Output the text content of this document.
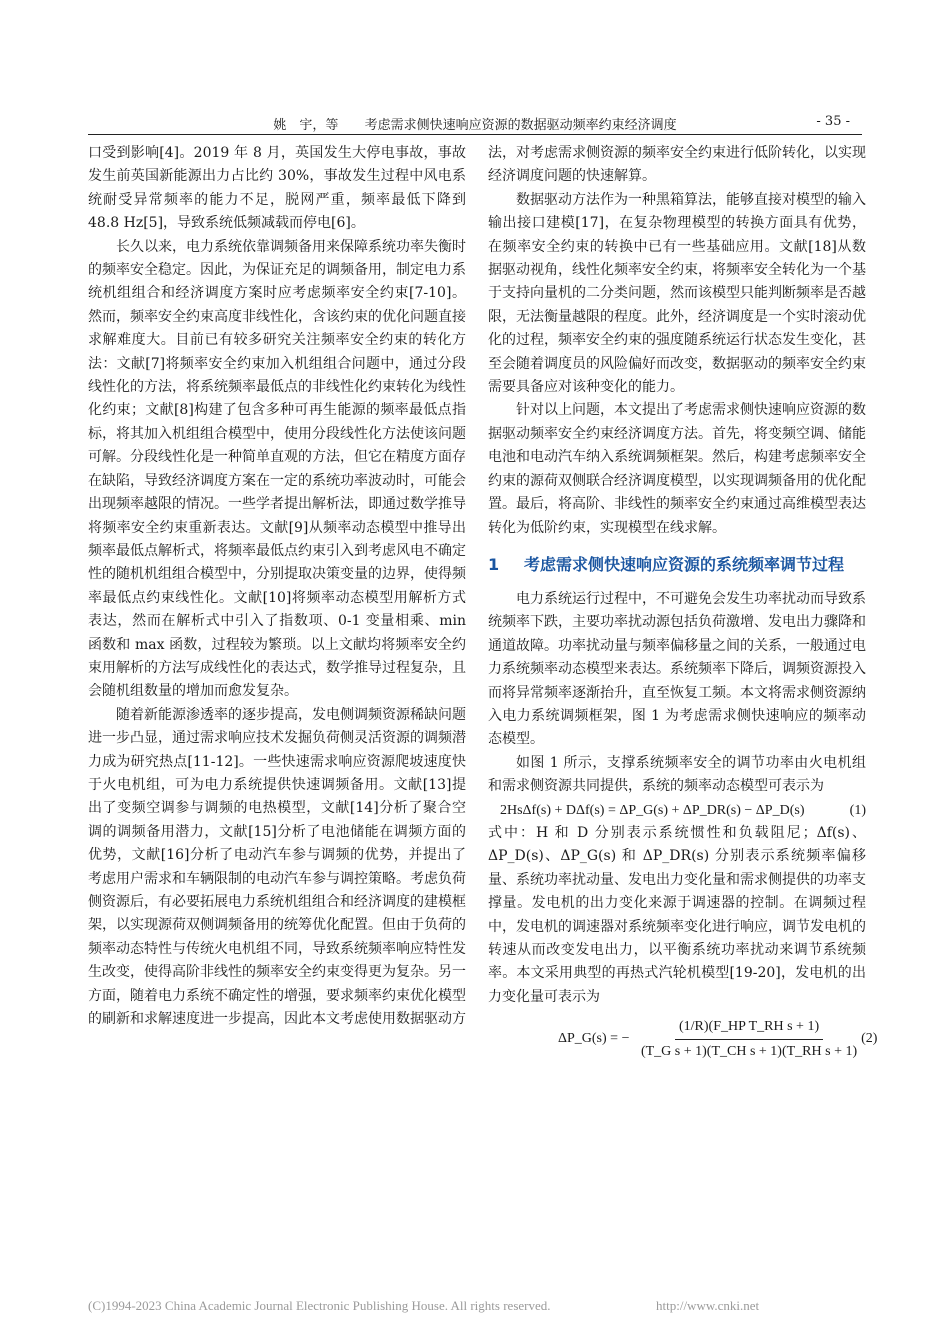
姚　宇，等 考虑需求侧快速响应资源的数据驱动频率约束经济调度	- 35 -

口受到影响[4]。2019 年 8 月，英国发生大停电事故，事故发生前英国新能源出力占比约 30%，事故发生过程中风电系统耐受异常频率的能力不足，脱网严重，频率最低下降到 48.8 Hz[5]，导致系统低频减载而停电[6]。

长久以来，电力系统依靠调频备用来保障系统功率失衡时的频率安全稳定。因此，为保证充足的调频备用，制定电力系统机组组合和经济调度方案时应考虑频率安全约束[7-10]。然而，频率安全约束高度非线性化，含该约束的优化问题直接求解难度大。目前已有较多研究关注频率安全约束的转化方法：文献[7]将频率安全约束加入机组组合问题中，通过分段线性化的方法，将系统频率最低点的非线性化约束转化为线性化约束；文献[8]构建了包含多种可再生能源的频率最低点指标，将其加入机组组合模型中，使用分段线性化方法使该问题可解。分段线性化是一种简单直观的方法，但它在精度方面存在缺陷，导致经济调度方案在一定的系统功率波动时，可能会出现频率越限的情况。一些学者提出解析法，即通过数学推导将频率安全约束重新表达。文献[9]从频率动态模型中推导出频率最低点解析式，将频率最低点约束引入到考虑风电不确定性的随机机组组合模型中，分别提取决策变量的边界，使得频率最低点约束线性化。文献[10]将频率动态模型用解析方式表达，然而在解析式中引入了指数项、0-1 变量相乘、min 函数和 max 函数，过程较为繁琐。以上文献均将频率安全约束用解析的方法写成线性化的表达式，数学推导过程复杂，且会随机组数量的增加而愈发复杂。

随着新能源渗透率的逐步提高，发电侧调频资源稀缺问题进一步凸显，通过需求响应技术发掘负荷侧灵活资源的调频潜力成为研究热点[11-12]。一些快速需求响应资源爬坡速度快于火电机组，可为电力系统提供快速调频备用。文献[13]提出了变频空调参与调频的电热模型，文献[14]分析了聚合空调的调频备用潜力，文献[15]分析了电池储能在调频方面的优势，文献[16]分析了电动汽车参与调频的优势，并提出了考虑用户需求和车辆限制的电动汽车参与调控策略。考虑负荷侧资源后，有必要拓展电力系统机组组合和经济调度的建模框架，以实现源荷双侧调频备用的统筹优化配置。但由于负荷的频率动态特性与传统火电机组不同，导致系统频率响应特性发生改变，使得高阶非线性的频率安全约束变得更为复杂。另一方面，随着电力系统不确定性的增强，要求频率约束优化模型的刷新和求解速度进一步提高，因此本文考虑使用数据驱动方

法，对考虑需求侧资源的频率安全约束进行低阶转化，以实现经济调度问题的快速解算。

数据驱动方法作为一种黑箱算法，能够直接对模型的输入输出接口建模[17]，在复杂物理模型的转换方面具有优势，在频率安全约束的转换中已有一些基础应用。文献[18]从数据驱动视角，线性化频率安全约束，将频率安全转化为一个基于支持向量机的二分类问题，然而该模型只能判断频率是否越限，无法衡量越限的程度。此外，经济调度是一个实时滚动优化的过程，频率安全约束的强度随系统运行状态发生变化，甚至会随着调度员的风险偏好而改变，数据驱动的频率安全约束需要具备应对该种变化的能力。

针对以上问题，本文提出了考虑需求侧快速响应资源的数据驱动频率安全约束经济调度方法。首先，将变频空调、储能电池和电动汽车纳入系统调频框架。然后，构建考虑频率安全约束的源荷双侧联合经济调度模型，以实现调频备用的优化配置。最后，将高阶、非线性的频率安全约束通过高维模型表达转化为低阶约束，实现模型在线求解。

1	考虑需求侧快速响应资源的系统频率调节过程

电力系统运行过程中，不可避免会发生功率扰动而导致系统频率下跌，主要功率扰动源包括负荷激增、发电出力骤降和通道故障。功率扰动量与频率偏移量之间的关系，一般通过电力系统频率动态模型来表达。系统频率下降后，调频资源投入而将异常频率逐渐抬升，直至恢复工频。本文将需求侧资源纳入电力系统调频框架，图 1 为考虑需求侧快速响应的频率动态模型。

如图 1 所示，支撑系统频率安全的调节功率由火电机组和需求侧资源共同提供，系统的频率动态模型可表示为

2HsΔf(s) + DΔf(s) = ΔP_G(s) + ΔP_DR(s) − ΔP_D(s)	(1)

式中：H 和 D 分别表示系统惯性和负载阻尼；Δf(s)、ΔP_D(s)、ΔP_G(s) 和 ΔP_DR(s) 分别表示系统频率偏移量、系统功率扰动量、发电出力变化量和需求侧提供的功率支撑量。发电机的出力变化来源于调速器的控制。在调频过程中，发电机的调速器对系统频率变化进行响应，调节发电机的转速从而改变发电出力，以平衡系统功率扰动来调节系统频率。本文采用典型的再热式汽轮机模型[19-20]，发电机的出力变化量可表示为

ΔP_G(s) = − $\frac{\text{(1/R)(F\_HP T\_RH s + 1)}}{\text{(T\_G s + 1)(T\_CH s + 1)(T\_RH s + 1)}} (2)$
(C)1994-2023 China Academic Journal Electronic Publishing House. All rights reserved.	http://www.cnki.net
